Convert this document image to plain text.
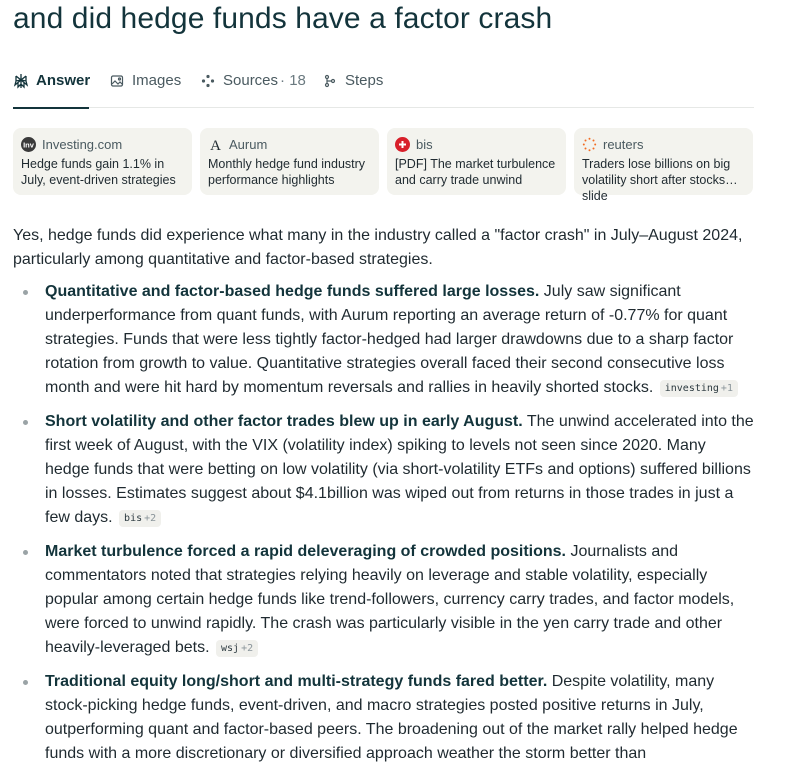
and did hedge funds have a factor crash
Answer	Images	Sources · 18	Steps
Inv Investing.com
Hedge funds gain 1.1% in July, event-driven strategies
A Aurum
Monthly hedge fund industry performance highlights
bis
[PDF] The market turbulence and carry trade unwind
reuters
Traders lose billions on big volatility short after stocks slide

Yes, hedge funds did experience what many in the industry called a "factor crash" in July–August 2024, particularly among quantitative and factor-based strategies.

Quantitative and factor-based hedge funds suffered large losses. July saw significant underperformance from quant funds, with Aurum reporting an average return of -0.77% for quant strategies. Funds that were less tightly factor-hedged had larger drawdowns due to a sharp factor rotation from growth to value. Quantitative strategies overall faced their second consecutive loss month and were hit hard by momentum reversals and rallies in heavily shorted stocks. investing +1
Short volatility and other factor trades blew up in early August. The unwind accelerated into the first week of August, with the VIX (volatility index) spiking to levels not seen since 2020. Many hedge funds that were betting on low volatility (via short-volatility ETFs and options) suffered billions in losses. Estimates suggest about $4.1billion was wiped out from returns in those trades in just a few days. bis +2
Market turbulence forced a rapid deleveraging of crowded positions. Journalists and commentators noted that strategies relying heavily on leverage and stable volatility, especially popular among certain hedge funds like trend-followers, currency carry trades, and factor models, were forced to unwind rapidly. The crash was particularly visible in the yen carry trade and other heavily-leveraged bets. wsj +2
Traditional equity long/short and multi-strategy funds fared better. Despite volatility, many stock-picking hedge funds, event-driven, and macro strategies posted positive returns in July, outperforming quant and factor-based peers. The broadening out of the market rally helped hedge funds with a more discretionary or diversified approach weather the storm better than
